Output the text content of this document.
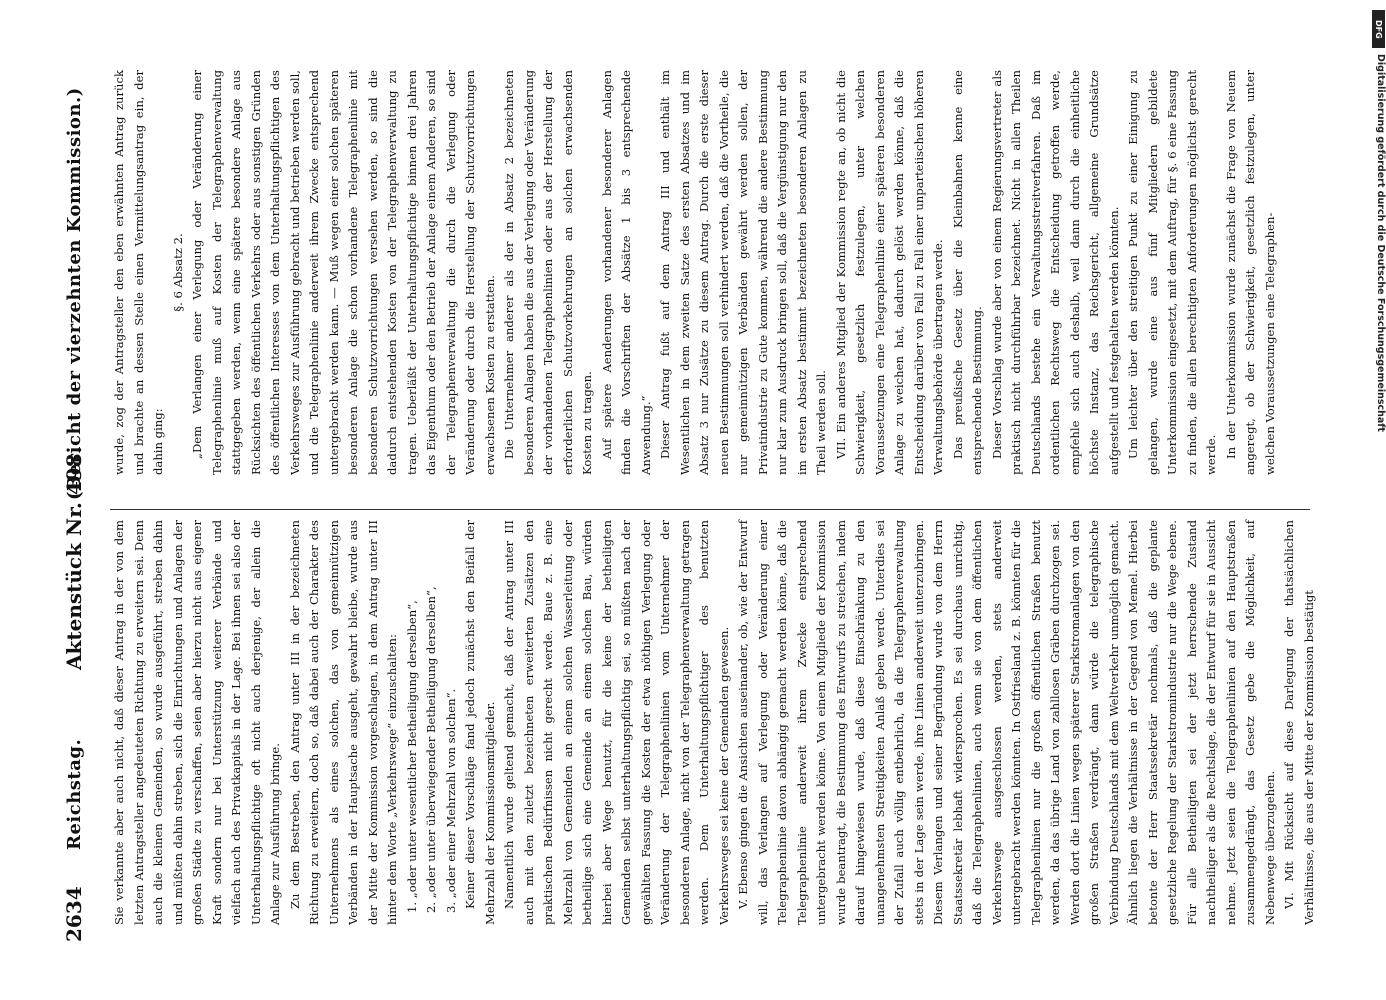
2634
Reichstag.
Aktenstück Nr. 498.
(Bericht der vierzehnten Kommission.)

Sie verkannte aber auch nicht, daß dieser Antrag in der von dem letzten Antragsteller angedeuteten Richtung zu erweitern sei. Denn auch die kleinen Gemeinden, so wurde ausgeführt, streben dahin und müßten dahin streben, sich die Einrichtungen und Anlagen der großen Städte zu verschaffen, seien aber hierzu nicht aus eigener Kraft sondern nur bei Unterstützung weiterer Verbände und vielfach auch des Privatkapitals in der Lage. Bei ihnen sei also der Unterhaltungspflichtige oft nicht auch derjenige, der allein die Anlage zur Ausführung bringe. Zu dem Bestreben, den Antrag unter III in der bezeichneten Richtung zu erweitern, doch so, daß dabei auch der Charakter des Unternehmens als eines solchen, das von gemeinnützigen Verbänden in der Hauptsache ausgeht, gewahrt bleibe, wurde aus der Mitte der Kommission vorgeschlagen, in dem Antrag unter III hinter dem Worte „Verkehrswege“ einzuschalten: 1. „oder unter wesentlicher Betheiligung derselben“, 2. „oder unter überwiegender Betheiligung derselben“, 3. „oder einer Mehrzahl von solchen“. Keiner dieser Vorschläge fand jedoch zunächst den Beifall der Mehrzahl der Kommissionsmitglieder. Namentlich wurde geltend gemacht, daß der Antrag unter III auch mit den zuletzt bezeichneten erweiterten Zusätzen den praktischen Bedürfnissen nicht gerecht werde. Baue z. B. eine Mehrzahl von Gemeinden an einem solchen Wasserleitung oder betheilige sich eine Gemeinde an einem solchen Bau, würden hierbei aber Wege benutzt, für die keine der betheiligten Gemeinden selbst unterhaltungspflichtig sei, so müßten nach der gewählten Fassung die Kosten der etwa nöthigen Verlegung oder Veränderung der Telegraphenlinien vom Unternehmer der besonderen Anlage, nicht von der Telegraphenverwaltung getragen werden. Dem Unterhaltungspflichtiger des benutzten Verkehrsweges sei keine der Gemeinden gewesen. V. Ebenso gingen die Ansichten auseinander, ob, wie der Entwurf will, das Verlangen auf Verlegung oder Veränderung einer Telegraphenlinie davon abhängig gemacht werden könne, daß die Telegraphenlinie anderweit ihrem Zwecke entsprechend untergebracht werden könne. Von einem Mitgliede der Kommission wurde beantragt, die Bestimmung des Entwurfs zu streichen, indem darauf hingewiesen wurde, daß diese Einschränkung zu den unangenehmsten Streitigkeiten Anlaß geben werde. Unterdies sei der Zufall auch völlig entbehrlich, da die Telegraphenverwaltung stets in der Lage sein werde, ihre Linien anderweit unterzubringen. Diesem Verlangen und seiner Begründung wurde von dem Herrn Staatssekretär lebhaft widersprochen. Es sei durchaus unrichtig, daß die Telegraphenlinien, auch wenn sie von dem öffentlichen Verkehrswege ausgeschlossen werden, stets anderweit untergebracht werden könnten. In Ostfriesland z. B. könnten für die Telegraphenlinien nur die großen öffentlichen Straßen benutzt werden, da das übrige Land von zahllosen Gräben durchzogen sei. Werden dort die Linien wegen späterer Starkstromanlagen von den großen Straßen verdrängt, dann würde die telegraphische Verbindung Deutschlands mit dem Weltverkehr unmöglich gemacht. Ähnlich liegen die Verhältnisse in der Gegend von Memel. Hierbei betonte der Herr Staatssekretär nochmals, daß die geplante gesetzliche Regelung der Starkstromindustrie nur die Wege ebene. Für alle Betheiligten sei der jetzt herrschende Zustand nachtheiliger als die Rechtslage, die der Entwurf für sie in Aussicht nehme. Jetzt seien die Telegraphenlinien auf den Hauptstraßen zusammengedrängt, das Gesetz gebe die Möglichkeit, auf Nebenwege überzugehen. VI. Mit Rücksicht auf diese Darlegung der thatsächlichen Verhältnisse, die aus der Mitte der Kommission bestätigt

wurde, zog der Antragsteller den eben erwähnten Antrag zurück und brachte an dessen Stelle einen Vermittelungsantrag ein, der dahin ging:

§. 6 Absatz 2. „Dem Verlangen einer Verlegung oder Veränderung einer Telegraphenlinie muß auf Kosten der Telegraphenverwaltung stattgegeben werden, wenn eine spätere besondere Anlage aus Rücksichten des öffentlichen Verkehrs oder aus sonstigen Gründen des öffentlichen Interesses von dem Unterhaltungspflichtigen des Verkehrsweges zur Ausführung gebracht und betrieben werden soll, und die Telegraphenlinie anderweit ihrem Zwecke entsprechend untergebracht werden kann. — Muß wegen einer solchen späteren besonderen Anlage die schon vorhandene Telegraphenlinie mit besonderen Schutzvorrichtungen versehen werden, so sind die dadurch entstehenden Kosten von der Telegraphenverwaltung zu tragen. Ueberläßt der Unterhaltungspflichtige binnen drei Jahren das Eigenthum oder den Betrieb der Anlage einem Anderen, so sind der Telegraphenverwaltung die durch die Verlegung oder Veränderung oder durch die Herstellung der Schutzvorrichtungen erwachsenen Kosten zu erstatten. Die Unternehmer anderer als der in Absatz 2 bezeichneten besonderen Anlagen haben die aus der Verlegung oder Veränderung der vorhandenen Telegraphenlinien oder aus der Herstellung der erforderlichen Schutzvorkehrungen an solchen erwachsenden Kosten zu tragen. Auf spätere Aenderungen vorhandener besonderer Anlagen finden die Vorschriften der Absätze 1 bis 3 entsprechende Anwendung.“ Dieser Antrag fußt auf dem Antrag III und enthält im Wesentlichen in dem zweiten Satze des ersten Absatzes und im Absatz 3 nur Zusätze zu diesem Antrag. Durch die erste dieser neuen Bestimmungen soll verhindert werden, daß die Vortheile, die nur gemeinnützigen Verbänden gewährt werden sollen, der Privatindustrie zu Gute kommen, während die andere Bestimmung nur klar zum Ausdruck bringen soll, daß die Vergünstigung nur den im ersten Absatz bestimmt bezeichneten besonderen Anlagen zu Theil werden soll. VII. Ein anderes Mitglied der Kommission regte an, ob nicht die Schwierigkeit, gesetzlich festzulegen, unter welchen Voraussetzungen eine Telegraphenlinie einer späteren besonderen Anlage zu weichen hat, dadurch gelöst werden könne, daß die Entscheidung darüber von Fall zu Fall einer unparteiischen höheren Verwaltungsbehörde übertragen werde. Das preußische Gesetz über die Kleinbahnen kenne eine entsprechende Bestimmung. Dieser Vorschlag wurde aber von einem Regierungsvertreter als praktisch nicht durchführbar bezeichnet. Nicht in allen Theilen Deutschlands bestehe ein Verwaltungsstreitverfahren. Daß im ordentlichen Rechtsweg die Entscheidung getroffen werde, empfehle sich auch deshalb, weil dann durch die einheitliche höchste Instanz, das Reichsgericht, allgemeine Grundsätze aufgestellt und festgehalten werden könnten. Um leichter über den streitigen Punkt zu einer Einigung zu gelangen, wurde eine aus fünf Mitgliedern gebildete Unterkommission eingesetzt, mit dem Auftrag, für §. 6 eine Fassung zu finden, die allen berechtigten Anforderungen möglichst gerecht werde. In der Unterkommission wurde zunächst die Frage von Neuem angeregt, ob der Schwierigkeit, gesetzlich festzulegen, unter welchen Voraussetzungen eine Telegraphen-

DFG
Digitalisierung gefördert durch die Deutsche Forschungsgemeinschaft
